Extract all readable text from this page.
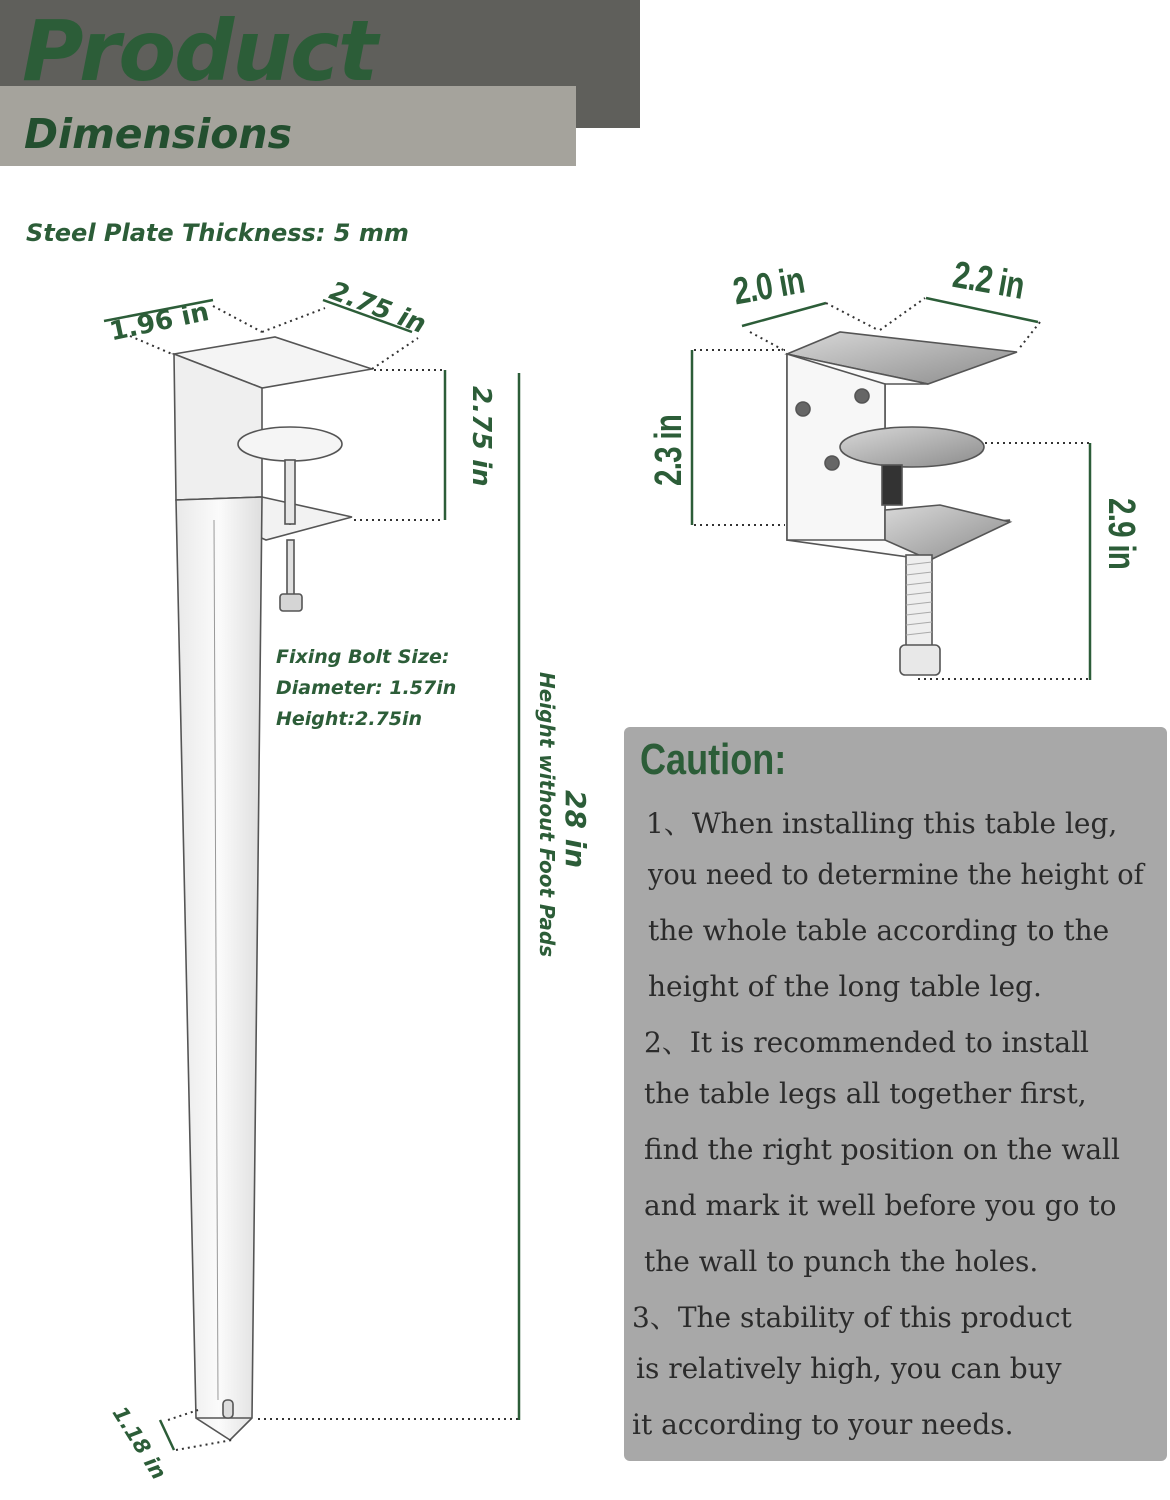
Product
Dimensions
Steel Plate Thickness: 5 mm
1.96 in	2.75 in
2.75 in
28 in
Height without Foot Pads
1.18 in
Fixing Bolt Size:
Diameter: 1.57in
Height:2.75in
2.0 in	2.2 in
2.3 in
2.9 in
Caution:
1、When installing this table leg,
you need to determine the height of
the whole table according to the
height of the long table leg.
2、It is recommended to install
the table legs all together first,
find the right position on the wall
and mark it well before you go to
the wall to punch the holes.
3、The stability of this product
is relatively high, you can buy
it according to your needs.
